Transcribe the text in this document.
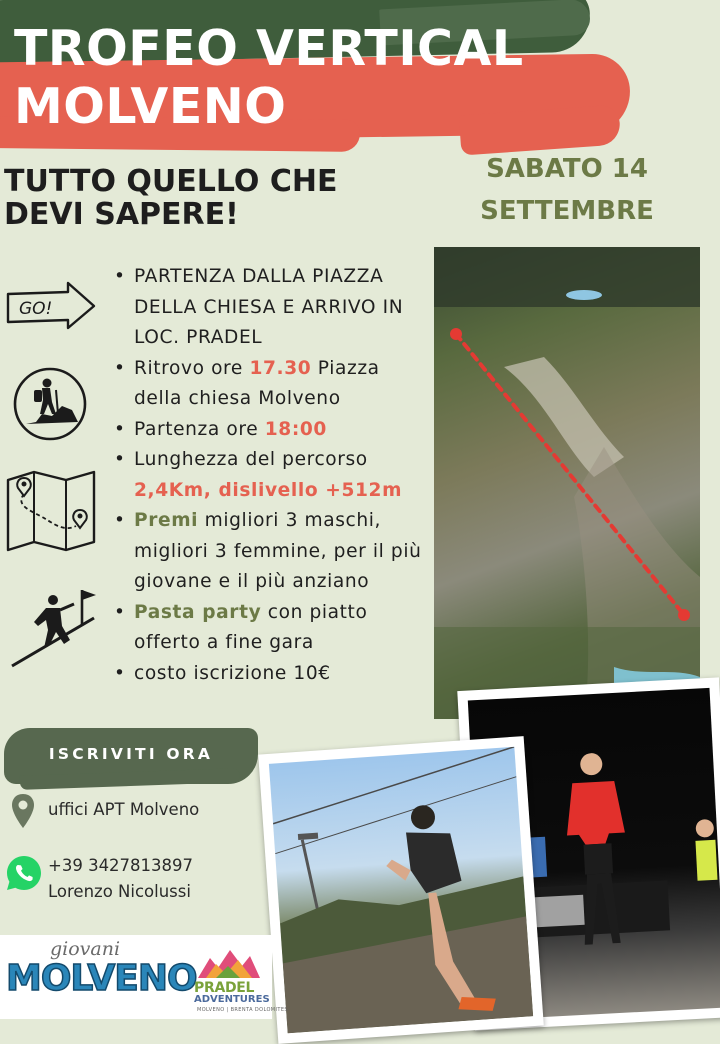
TROFEO VERTICAL
MOLVENO
SABATO 14
SETTEMBRE
TUTTO QUELLO CHE
DEVI SAPERE!
GO!
• PARTENZA DALLA PIAZZA DELLA CHIESA E ARRIVO IN LOC. PRADEL
• Ritrovo ore 17.30 Piazza della chiesa Molveno
• Partenza ore 18:00
• Lunghezza del percorso 2,4Km, dislivello +512m
• Premi migliori 3 maschi, migliori 3 femmine, per il più giovane e il più anziano
• Pasta party con piatto offerto a fine gara
• costo iscrizione 10€
ISCRIVITI ORA
uffici APT Molveno
+39 3427813897
Lorenzo Nicolussi
giovani
MOLVENO
PRADEL
ADVENTURES
MOLVENO | BRENTA DOLOMITES
